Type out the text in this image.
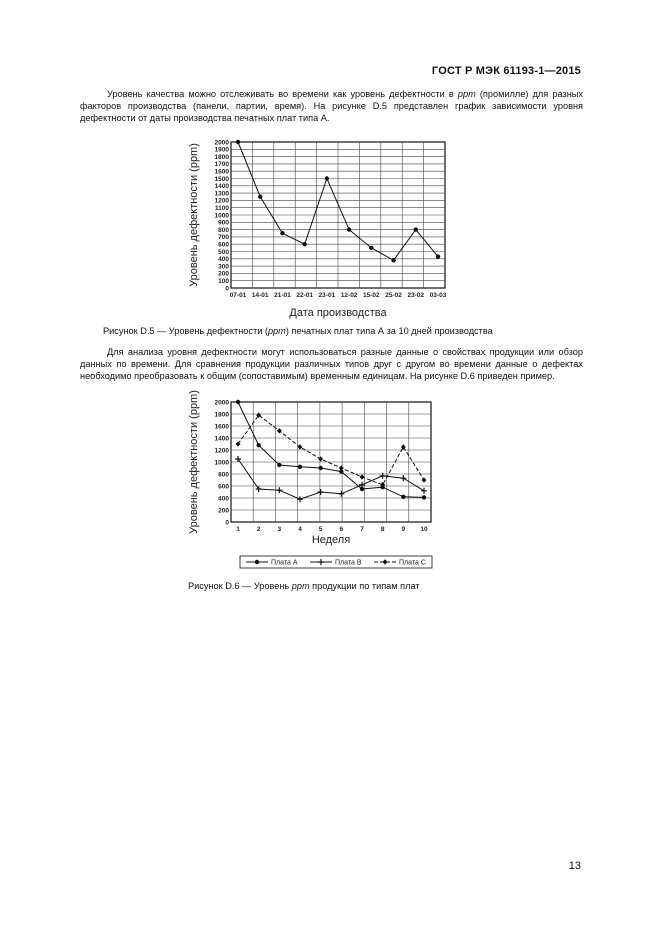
ГОСТ Р МЭК 61193-1—2015

Уровень качества можно отслеживать во времени как уровень дефектности в ppm (промилле) для разных факторов производства (панели, партии, время). На рисунке D.5 представлен график зависимости уровня дефектности от даты производства печатных плат типа А.

0
100
200
300
400
500
600
700
800
900
1000
1100
1200
1300
1400
1500
1600
1700
1800
1900
2000
07-01 14-01 21-01 22-01 23-01 12-02 15-02 25-02 23-02 03-03
Дата производства
Уровень дефектности (ppm)
Рисунок D.5 — Уровень дефектности (ppm) печатных плат типа А за 10 дней производства

Для анализа уровня дефектности могут использоваться разные данные о свойствах продукции или обзор данных по времени. Для сравнения продукции различных типов друг с другом во времени данные о дефектах необходимо преобразовать к общим (сопоставимым) временным единицам. На рисунке D.6 приведен пример.

0
200
400
600
800
1000
1200
1400
1600
1800
2000
1	2	3	4	5	6	7	8	9 10
Неделя
Уровень дефектности (ppm)
Плата А	Плата B	Плата C
Рисунок D.6 — Уровень ppm продукции по типам плат
13
